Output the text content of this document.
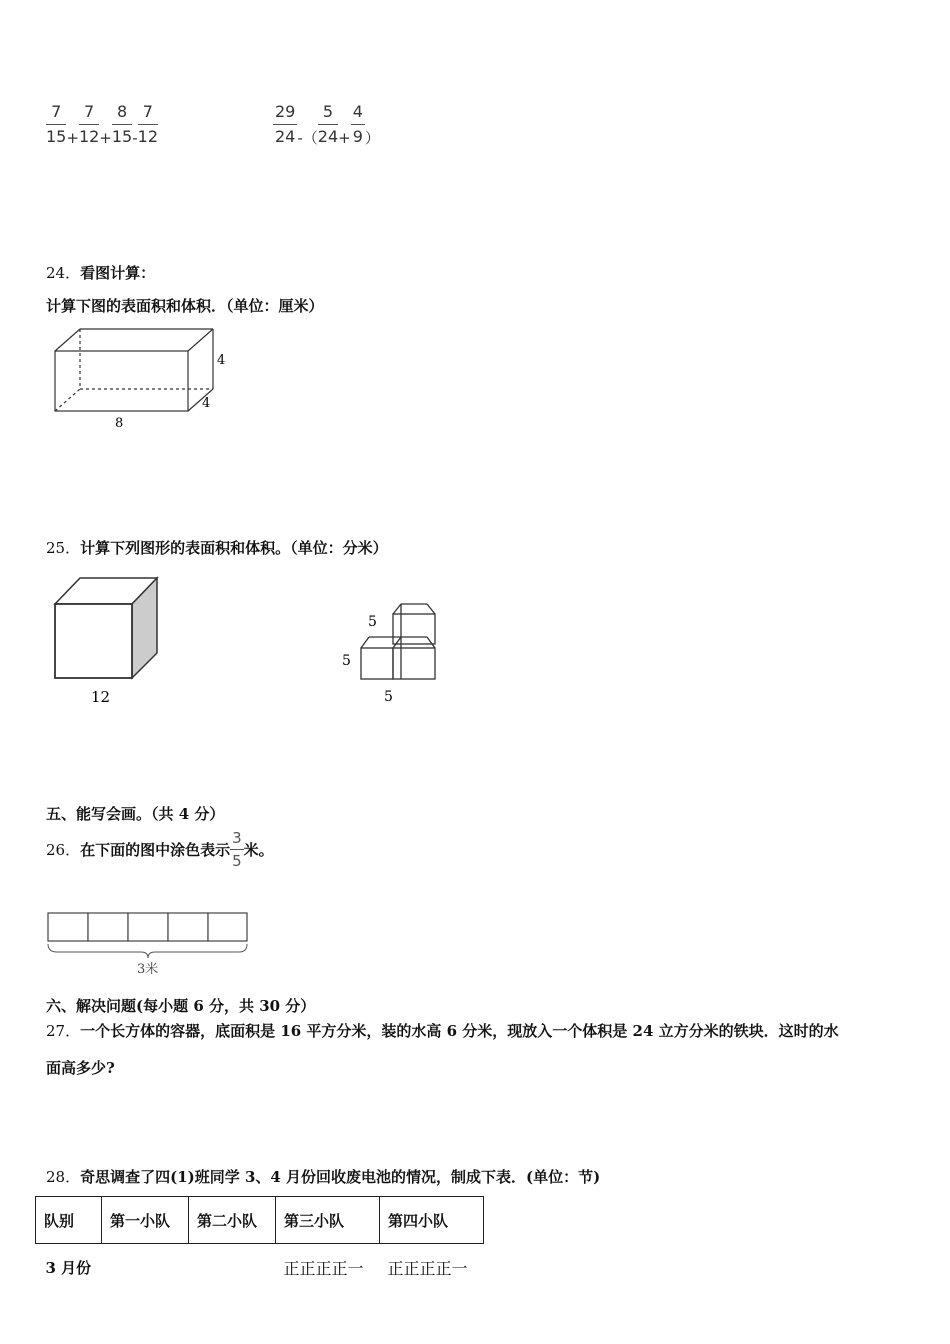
$\frac{7}{15} + \frac{7}{12} + \frac{8}{15} - \frac{7}{12}$	$\frac{29}{24}$ -（ $\frac{5}{24} + \frac{4}{9}$ ）
24．看图计算：
计算下图的表面积和体积．（单位：厘米）
4
4
8
25．计算下列图形的表面积和体积。（单位：分米）
12
5
5
5
五、能写会画。（共 4 分）
26． 在下面的图中涂色表示 $\frac{3}{5}$ 米。
3米
六、解决问题(每小题 6 分，共 30 分）
27．一个长方体的容器，底面积是 16 平方分米，装的水高 6 分米，现放入一个体积是 24 立方分米的铁块．这时的水
面高多少?
28．奇思调查了四(1)班同学 3、4 月份回收废电池的情况，制成下表．(单位：节)
队别	第一小队	第二小队	第三小队	第四小队
3 月份			正正正正一	正正正正一
